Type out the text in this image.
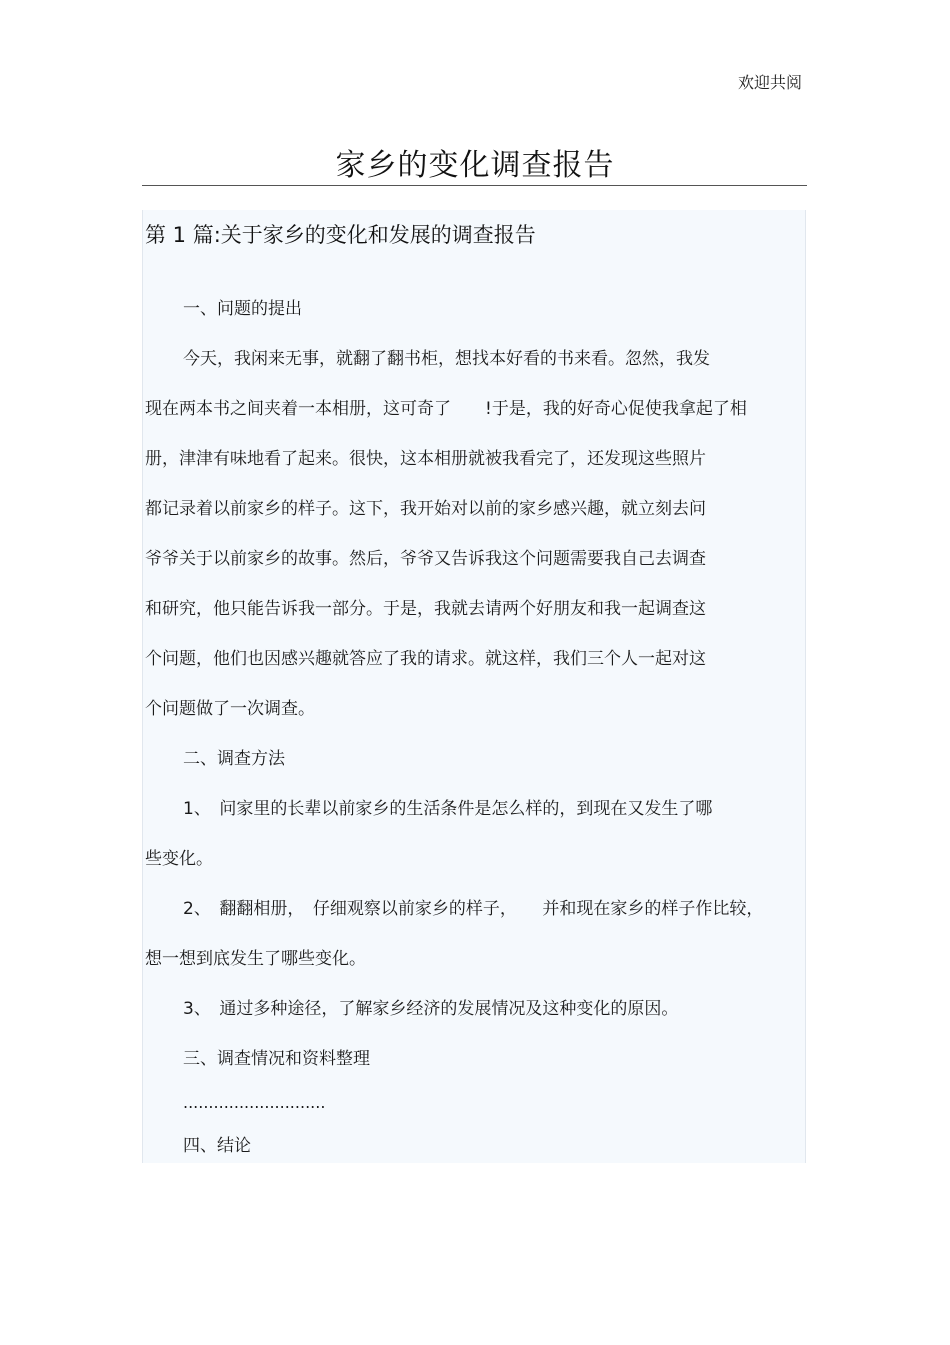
欢迎共阅
家乡的变化调查报告
第 1 篇:关于家乡的变化和发展的调查报告
一、问题的提出
今天，我闲来无事，就翻了翻书柜，想找本好看的书来看。忽然，我发
现在两本书之间夹着一本相册，这可奇了　　!于是，我的好奇心促使我拿起了相
册，津津有味地看了起来。很快，这本相册就被我看完了，还发现这些照片
都记录着以前家乡的样子。这下，我开始对以前的家乡感兴趣，就立刻去问
爷爷关于以前家乡的故事。然后，爷爷又告诉我这个问题需要我自己去调查
和研究，他只能告诉我一部分。于是，我就去请两个好朋友和我一起调查这
个问题，他们也因感兴趣就答应了我的请求。就这样，我们三个人一起对这
个问题做了一次调查。
二、调查方法
1、　问家里的长辈以前家乡的生活条件是怎么样的，到现在又发生了哪
些变化。
2、　翻翻相册，　仔细观察以前家乡的样子，　　并和现在家乡的样子作比较，
想一想到底发生了哪些变化。
3、　通过多种途径，了解家乡经济的发展情况及这种变化的原因。
三、调查情况和资料整理
............................
四、结论
